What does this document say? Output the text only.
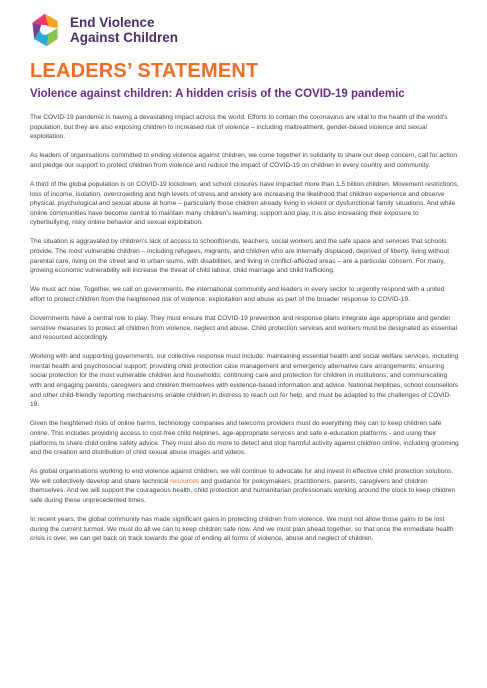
End Violence
Against Children
LEADERS’ STATEMENT
Violence against children: A hidden crisis of the COVID-19 pandemic

The COVID-19 pandemic is having a devastating impact across the world. Efforts to contain the coronavirus are vital to the health of the world’s population, but they are also exposing children to increased risk of violence – including maltreatment, gender-based violence and sexual exploitation.

As leaders of organisations committed to ending violence against children, we come together in solidarity to share our deep concern, call for action and pledge our support to protect children from violence and reduce the impact of COVID-19 on children in every country and community.

A third of the global population is on COVID-19 lockdown, and school closures have impacted more than 1.5 billion children. Movement restrictions, loss of income, isolation, overcrowding and high levels of stress and anxiety are increasing the likelihood that children experience and observe physical, psychological and sexual abuse at home – particularly those children already living in violent or dysfunctional family situations. And while online communities have become central to maintain many children’s learning, support and play, it is also increasing their exposure to cyberbullying, risky online behavior and sexual exploitation.

The situation is aggravated by children’s lack of access to schoolfriends, teachers, social workers and the safe space and services that schools provide. The most vulnerable children – including refugees, migrants, and children who are internally displaced, deprived of liberty, living without parental care, living on the street and in urban slums, with disabilities, and living in conflict-affected areas – are a particular concern. For many, growing economic vulnerability will increase the threat of child labour, child marriage and child trafficking.

We must act now. Together, we call on governments, the international community and leaders in every sector to urgently respond with a united effort to protect children from the heightened risk of violence, exploitation and abuse as part of the broader response to COVID-19.

Governments have a central role to play. They must ensure that COVID-19 prevention and response plans integrate age appropriate and gender sensitive measures to protect all children from violence, neglect and abuse. Child protection services and workers must be designated as essential and resourced accordingly.

Working with and supporting governments, our collective response must include: maintaining essential health and social welfare services, including mental health and psychosocial support; providing child protection case management and emergency alternative care arrangements; ensuring social protection for the most vulnerable children and households; continuing care and protection for children in institutions; and communicating with and engaging parents, caregivers and children themselves with evidence-based information and advice. National helplines, school counsellors and other child-friendly reporting mechanisms enable children in distress to reach out for help, and must be adapted to the challenges of COVID-19.

Given the heightened risks of online harms, technology companies and telecoms providers must do everything they can to keep children safe online. This includes providing access to cost-free child helplines, age-appropriate services and safe e-education platforms - and using their platforms to share child online safety advice. They must also do more to detect and stop harmful activity against children online, including grooming and the creation and distribution of child sexual abuse images and videos.

As global organisations working to end violence against children, we will continue to advocate for and invest in effective child protection solutions. We will collectively develop and share technical resources and guidance for policymakers, practitioners, parents, caregivers and children themselves. And we will support the courageous health, child protection and humanitarian professionals working around the clock to keep children safe during these unprecedented times.

In recent years, the global community has made significant gains in protecting children from violence. We must not allow those gains to be lost during the current turmoil. We must do all we can to keep children safe now. And we must plan ahead together, so that once the immediate health crisis is over, we can get back on track towards the goal of ending all forms of violence, abuse and neglect of children.
